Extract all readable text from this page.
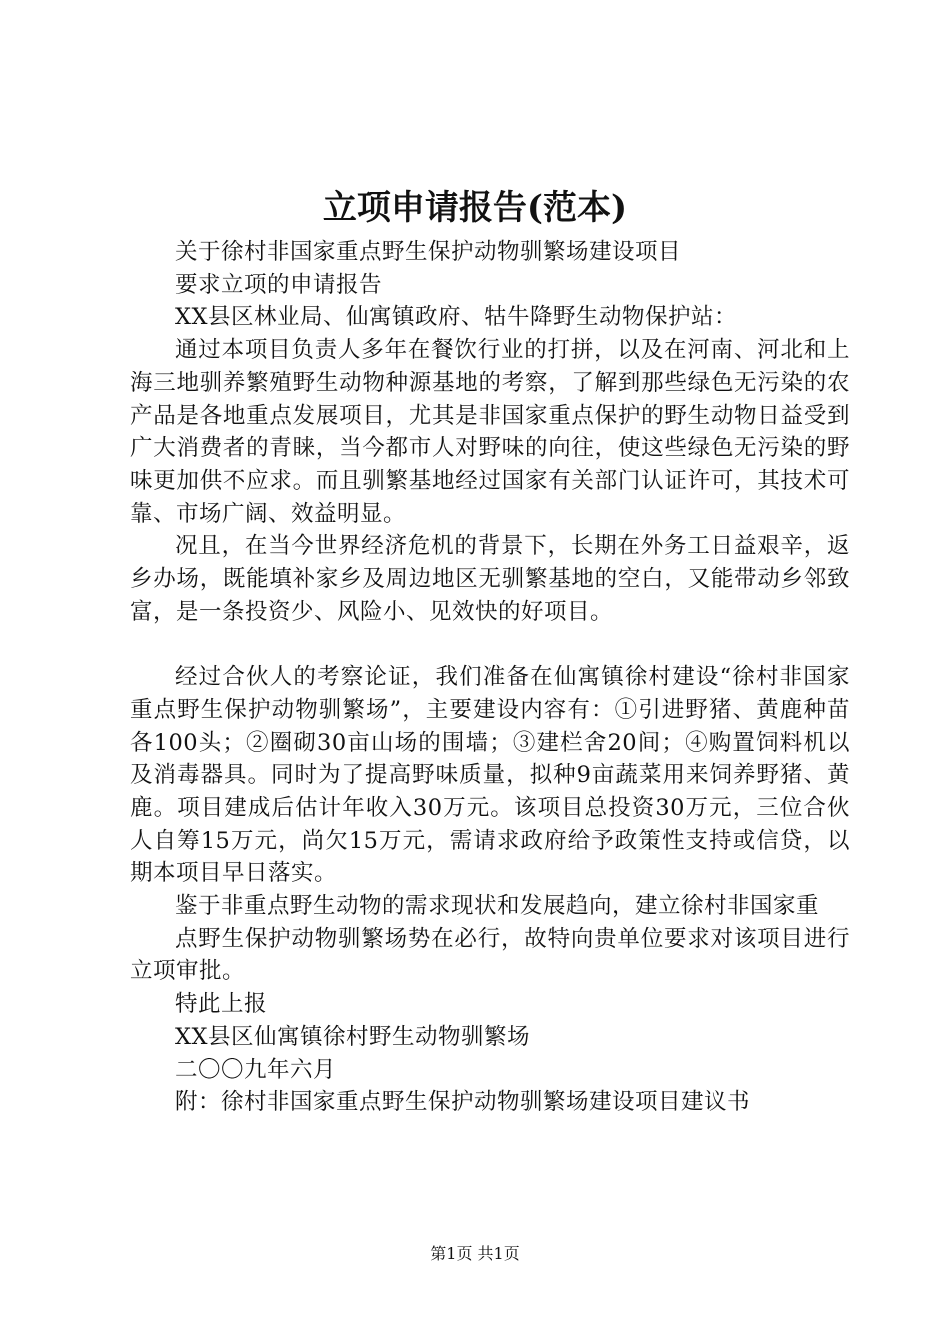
立项申请报告(范本)

关于徐村非国家重点野生保护动物驯繁场建设项目

要求立项的申请报告

XX县区林业局、仙寓镇政府、牯牛降野生动物保护站：

通过本项目负责人多年在餐饮行业的打拼，以及在河南、河北和上海三地驯养繁殖野生动物种源基地的考察，了解到那些绿色无污染的农产品是各地重点发展项目，尤其是非国家重点保护的野生动物日益受到广大消费者的青睐，当今都市人对野味的向往，使这些绿色无污染的野味更加供不应求。而且驯繁基地经过国家有关部门认证许可，其技术可靠、市场广阔、效益明显。

况且，在当今世界经济危机的背景下，长期在外务工日益艰辛，返乡办场，既能填补家乡及周边地区无驯繁基地的空白，又能带动乡邻致富，是一条投资少、风险小、见效快的好项目。

经过合伙人的考察论证，我们准备在仙寓镇徐村建设“徐村非国家重点野生保护动物驯繁场”，主要建设内容有：①引进野猪、黄鹿种苗各100头；②圈砌30亩山场的围墙；③建栏舍20间；④购置饲料机以及消毒器具。同时为了提高野味质量，拟种9亩蔬菜用来饲养野猪、黄鹿。项目建成后估计年收入30万元。该项目总投资30万元，三位合伙人自筹15万元，尚欠15万元，需请求政府给予政策性支持或信贷，以期本项目早日落实。

鉴于非重点野生动物的需求现状和发展趋向，建立徐村非国家重

点野生保护动物驯繁场势在必行，故特向贵单位要求对该项目进行立项审批。

特此上报

XX县区仙寓镇徐村野生动物驯繁场

二〇〇九年六月

附：徐村非国家重点野生保护动物驯繁场建设项目建议书

第1页 共1页
